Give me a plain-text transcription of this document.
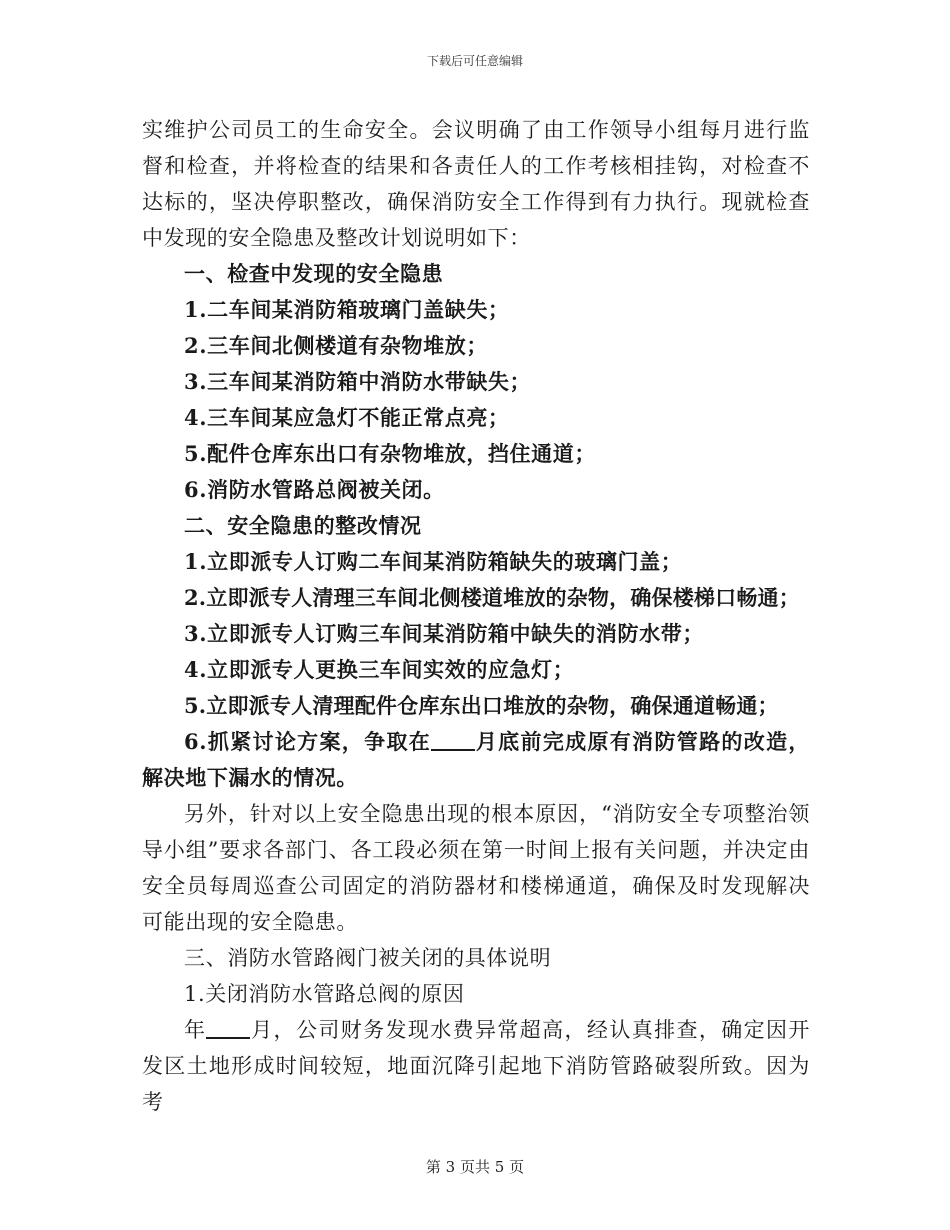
下载后可任意编辑

实维护公司员工的生命安全。会议明确了由工作领导小组每月进行监督和检查，并将检查的结果和各责任人的工作考核相挂钩，对检查不达标的，坚决停职整改，确保消防安全工作得到有力执行。现就检查中发现的安全隐患及整改计划说明如下：

一、检查中发现的安全隐患

1.二车间某消防箱玻璃门盖缺失；

2.三车间北侧楼道有杂物堆放；

3.三车间某消防箱中消防水带缺失；

4.三车间某应急灯不能正常点亮；

5.配件仓库东出口有杂物堆放，挡住通道；

6.消防水管路总阀被关闭。

二、安全隐患的整改情况

1.立即派专人订购二车间某消防箱缺失的玻璃门盖；

2.立即派专人清理三车间北侧楼道堆放的杂物，确保楼梯口畅通；

3.立即派专人订购三车间某消防箱中缺失的消防水带；

4.立即派专人更换三车间实效的应急灯；

5.立即派专人清理配件仓库东出口堆放的杂物，确保通道畅通；

6.抓紧讨论方案，争取在 月底前完成原有消防管路的改造，解决地下漏水的情况。

另外，针对以上安全隐患出现的根本原因，“消防安全专项整治领导小组”要求各部门、各工段必须在第一时间上报有关问题，并决定由安全员每周巡查公司固定的消防器材和楼梯通道，确保及时发现解决可能出现的安全隐患。

三、消防水管路阀门被关闭的具体说明

1.关闭消防水管路总阀的原因

年 月，公司财务发现水费异常超高，经认真排查，确定因开发区土地形成时间较短，地面沉降引起地下消防管路破裂所致。因为考

第 3 页共 5 页
